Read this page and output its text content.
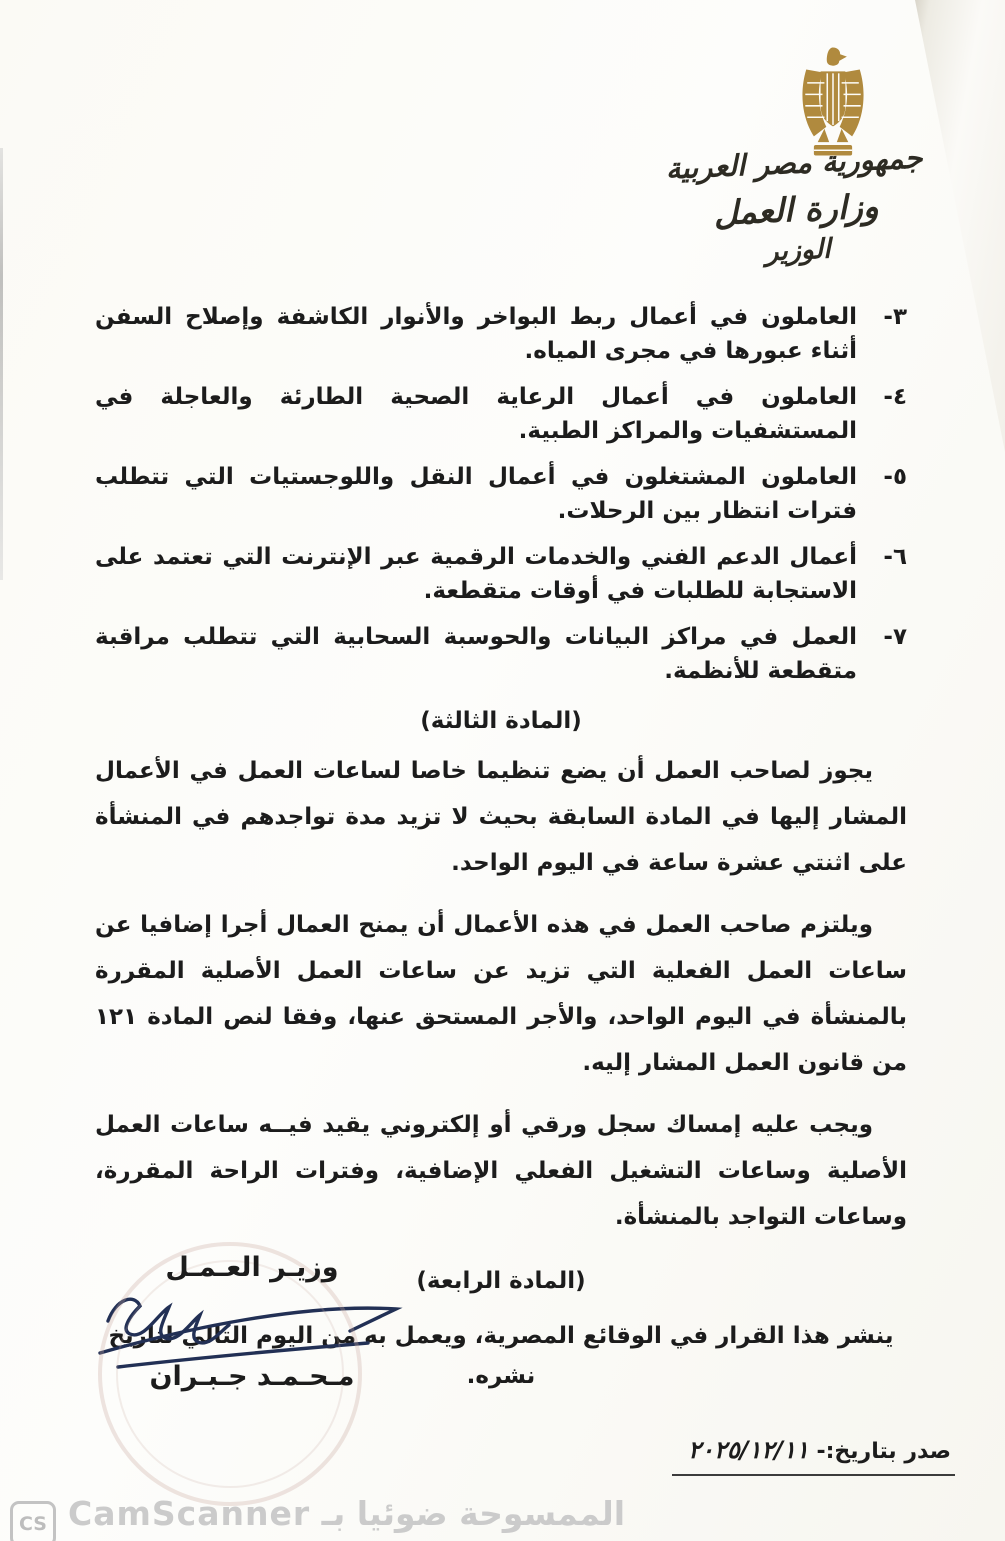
جمهورية مصر العربية
وزارة العمل
الوزير
٣-
العاملون في أعمال ربط البواخر والأنوار الكاشفة وإصلاح السفن أثناء عبورها في مجرى المياه.
٤-
العاملون في أعمال الرعاية الصحية الطارئة والعاجلة في المستشفيات والمراكز الطبية.
٥-
العاملون المشتغلون في أعمال النقل واللوجستيات التي تتطلب فترات انتظار بين الرحلات.
٦-
أعمال الدعم الفني والخدمات الرقمية عبر الإنترنت التي تعتمد على الاستجابة للطلبات في أوقات متقطعة.
٧-
العمل في مراكز البيانات والحوسبة السحابية التي تتطلب مراقبة متقطعة للأنظمة.
(المادة الثالثة)

يجوز لصاحب العمل أن يضع تنظيما خاصا لساعات العمل في الأعمال المشار إليها في المادة السابقة بحيث لا تزيد مدة تواجدهم في المنشأة على اثنتي عشرة ساعة في اليوم الواحد.

ويلتزم صاحب العمل في هذه الأعمال أن يمنح العمال أجرا إضافيا عن ساعات العمل الفعلية التي تزيد عن ساعات العمل الأصلية المقررة بالمنشأة في اليوم الواحد، والأجر المستحق عنها، وفقا لنص المادة ١٢١ من قانون العمل المشار إليه.

ويجب عليه إمساك سجل ورقي أو إلكتروني يقيد فيــه ساعات العمل الأصلية وساعات التشغيل الفعلي الإضافية، وفترات الراحة المقررة، وساعات التواجد بالمنشأة.

(المادة الرابعة)

ينشر هذا القرار في الوقائع المصرية، ويعمل به من اليوم التالي لتاريخ نشره.

صدر بتاريخ:- ٢٠٢٥/١٢/١١
وزيـر العـمـل
مـحـمـد جـبـران
CS الممسوحة ضوئيا بـ CamScanner
